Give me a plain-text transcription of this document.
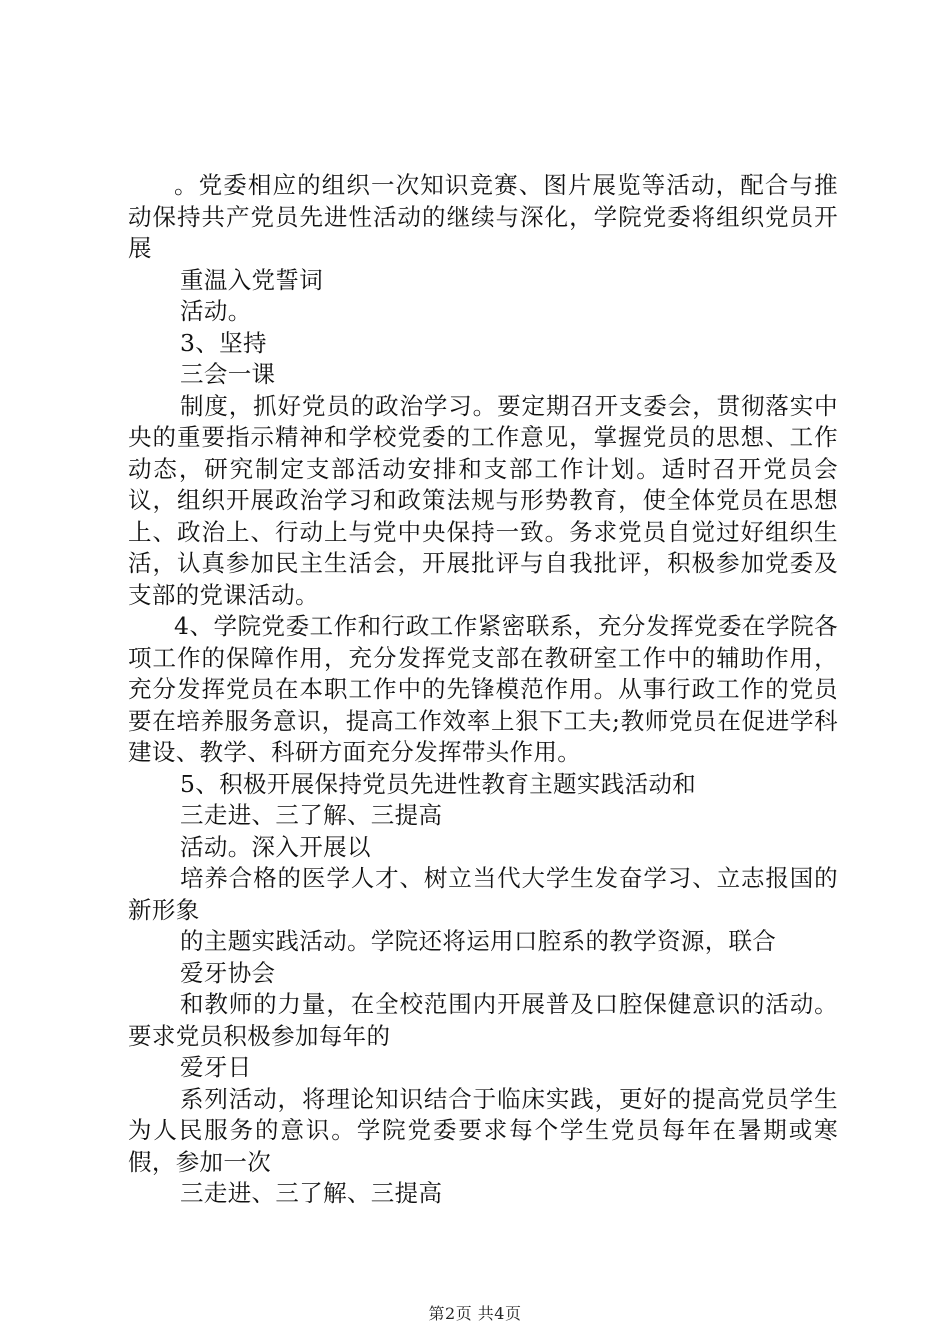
。党委相应的组织一次知识竞赛、图片展览等活动，配合与推动保持共产党员先进性活动的继续与深化，学院党委将组织党员开展

重温入党誓词

活动。

3、坚持

三会一课

制度，抓好党员的政治学习。要定期召开支委会，贯彻落实中央的重要指示精神和学校党委的工作意见，掌握党员的思想、工作动态，研究制定支部活动安排和支部工作计划。适时召开党员会议，组织开展政治学习和政策法规与形势教育，使全体党员在思想上、政治上、行动上与党中央保持一致。务求党员自觉过好组织生活，认真参加民主生活会，开展批评与自我批评，积极参加党委及支部的党课活动。

4、学院党委工作和行政工作紧密联系，充分发挥党委在学院各项工作的保障作用，充分发挥党支部在教研室工作中的辅助作用，充分发挥党员在本职工作中的先锋模范作用。从事行政工作的党员要在培养服务意识，提高工作效率上狠下工夫;教师党员在促进学科建设、教学、科研方面充分发挥带头作用。

5、积极开展保持党员先进性教育主题实践活动和

三走进、三了解、三提高

活动。深入开展以

培养合格的医学人才、树立当代大学生发奋学习、立志报国的新形象

的主题实践活动。学院还将运用口腔系的教学资源，联合

爱牙协会

和教师的力量，在全校范围内开展普及口腔保健意识的活动。要求党员积极参加每年的

爱牙日

系列活动，将理论知识结合于临床实践，更好的提高党员学生为人民服务的意识。学院党委要求每个学生党员每年在暑期或寒假，参加一次

三走进、三了解、三提高

第2页 共4页
